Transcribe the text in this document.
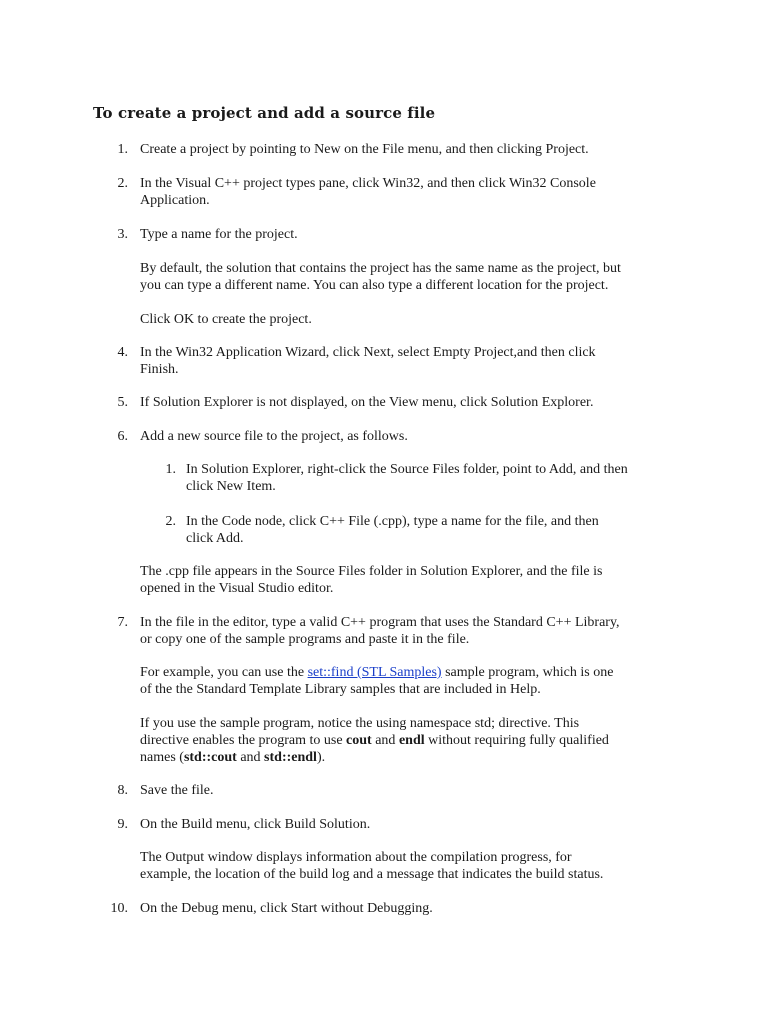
To create a project and add a source file
1. Create a project by pointing to New on the File menu, and then clicking Project.
2. In the Visual C++ project types pane, click Win32, and then click Win32 Console
Application.
3. Type a name for the project.
By default, the solution that contains the project has the same name as the project, but
you can type a different name. You can also type a different location for the project.
Click OK to create the project.
4. In the Win32 Application Wizard, click Next, select Empty Project,and then click
Finish.
5. If Solution Explorer is not displayed, on the View menu, click Solution Explorer.
6. Add a new source file to the project, as follows.
1. In Solution Explorer, right-click the Source Files folder, point to Add, and then
click New Item.
2. In the Code node, click C++ File (.cpp), type a name for the file, and then
click Add.
The .cpp file appears in the Source Files folder in Solution Explorer, and the file is
opened in the Visual Studio editor.
7. In the file in the editor, type a valid C++ program that uses the Standard C++ Library,
or copy one of the sample programs and paste it in the file.
For example, you can use the set::find (STL Samples) sample program, which is one
of the the Standard Template Library samples that are included in Help.
If you use the sample program, notice the using namespace std; directive. This
directive enables the program to use cout and endl without requiring fully qualified
names (std::cout and std::endl).
8. Save the file.
9. On the Build menu, click Build Solution.
The Output window displays information about the compilation progress, for
example, the location of the build log and a message that indicates the build status.
10. On the Debug menu, click Start without Debugging.
